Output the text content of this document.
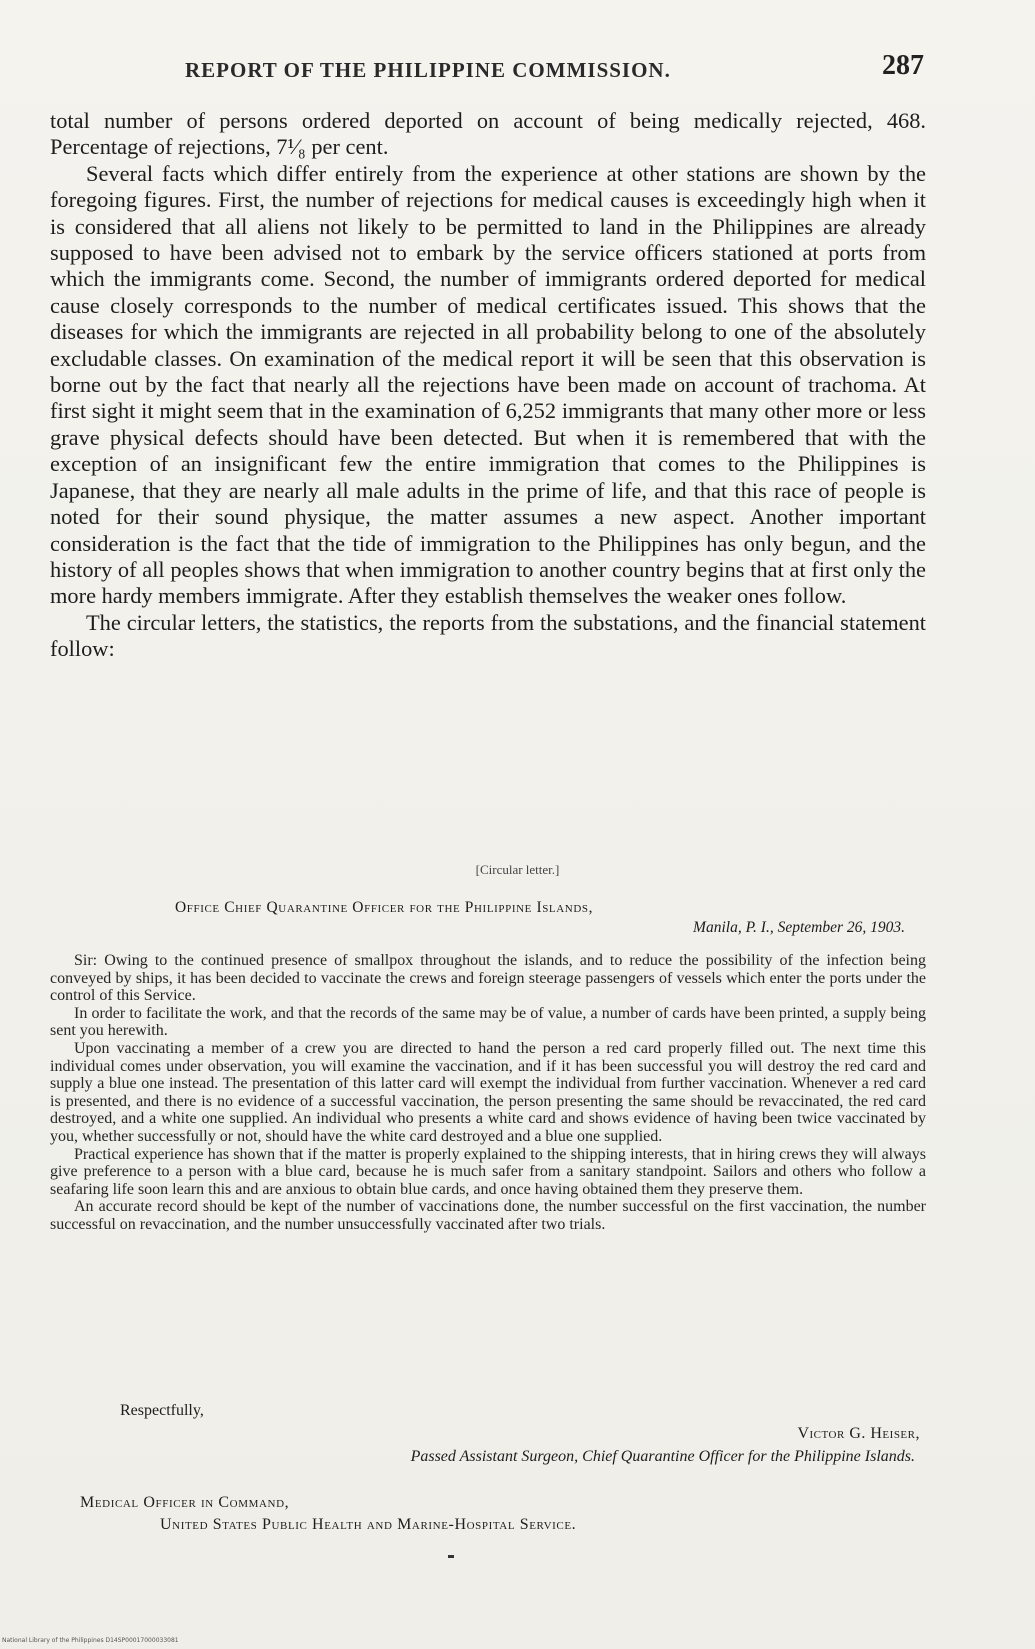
REPORT OF THE PHILIPPINE COMMISSION.	287

total number of persons ordered deported on account of being medically rejected, 468. Percentage of rejections, 7¹⁄₈ per cent.

Several facts which differ entirely from the experience at other stations are shown by the foregoing figures. First, the number of rejections for medical causes is exceedingly high when it is considered that all aliens not likely to be permitted to land in the Philippines are already supposed to have been advised not to embark by the service officers stationed at ports from which the immigrants come. Second, the number of immigrants ordered deported for medical cause closely corresponds to the number of medical certificates issued. This shows that the diseases for which the immigrants are rejected in all probability belong to one of the absolutely excludable classes. On examination of the medical report it will be seen that this observation is borne out by the fact that nearly all the rejections have been made on account of trachoma. At first sight it might seem that in the examination of 6,252 immigrants that many other more or less grave physical defects should have been detected. But when it is remembered that with the exception of an insignificant few the entire immigration that comes to the Philippines is Japanese, that they are nearly all male adults in the prime of life, and that this race of people is noted for their sound physique, the matter assumes a new aspect. Another important consideration is the fact that the tide of immigration to the Philippines has only begun, and the history of all peoples shows that when immigration to another country begins that at first only the more hardy members immigrate. After they establish themselves the weaker ones follow.

The circular letters, the statistics, the reports from the substations, and the financial statement follow:

[Circular letter.]
Office Chief Quarantine Officer for the Philippine Islands,
Manila, P. I., September 26, 1903.

Sir: Owing to the continued presence of smallpox throughout the islands, and to reduce the possibility of the infection being conveyed by ships, it has been decided to vaccinate the crews and foreign steerage passengers of vessels which enter the ports under the control of this Service.

In order to facilitate the work, and that the records of the same may be of value, a number of cards have been printed, a supply being sent you herewith.

Upon vaccinating a member of a crew you are directed to hand the person a red card properly filled out. The next time this individual comes under observation, you will examine the vaccination, and if it has been successful you will destroy the red card and supply a blue one instead. The presentation of this latter card will exempt the individual from further vaccination. Whenever a red card is presented, and there is no evidence of a successful vaccination, the person presenting the same should be revaccinated, the red card destroyed, and a white one supplied. An individual who presents a white card and shows evidence of having been twice vaccinated by you, whether successfully or not, should have the white card destroyed and a blue one supplied.

Practical experience has shown that if the matter is properly explained to the shipping interests, that in hiring crews they will always give preference to a person with a blue card, because he is much safer from a sanitary standpoint. Sailors and others who follow a seafaring life soon learn this and are anxious to obtain blue cards, and once having obtained them they preserve them.

An accurate record should be kept of the number of vaccinations done, the number successful on the first vaccination, the number successful on revaccination, and the number unsuccessfully vaccinated after two trials.

Respectfully,
Victor G. Heiser,
Passed Assistant Surgeon, Chief Quarantine Officer for the Philippine Islands.
Medical Officer in Command,
United States Public Health and Marine-Hospital Service.
National Library of the Philippines D14SP00017000033081
